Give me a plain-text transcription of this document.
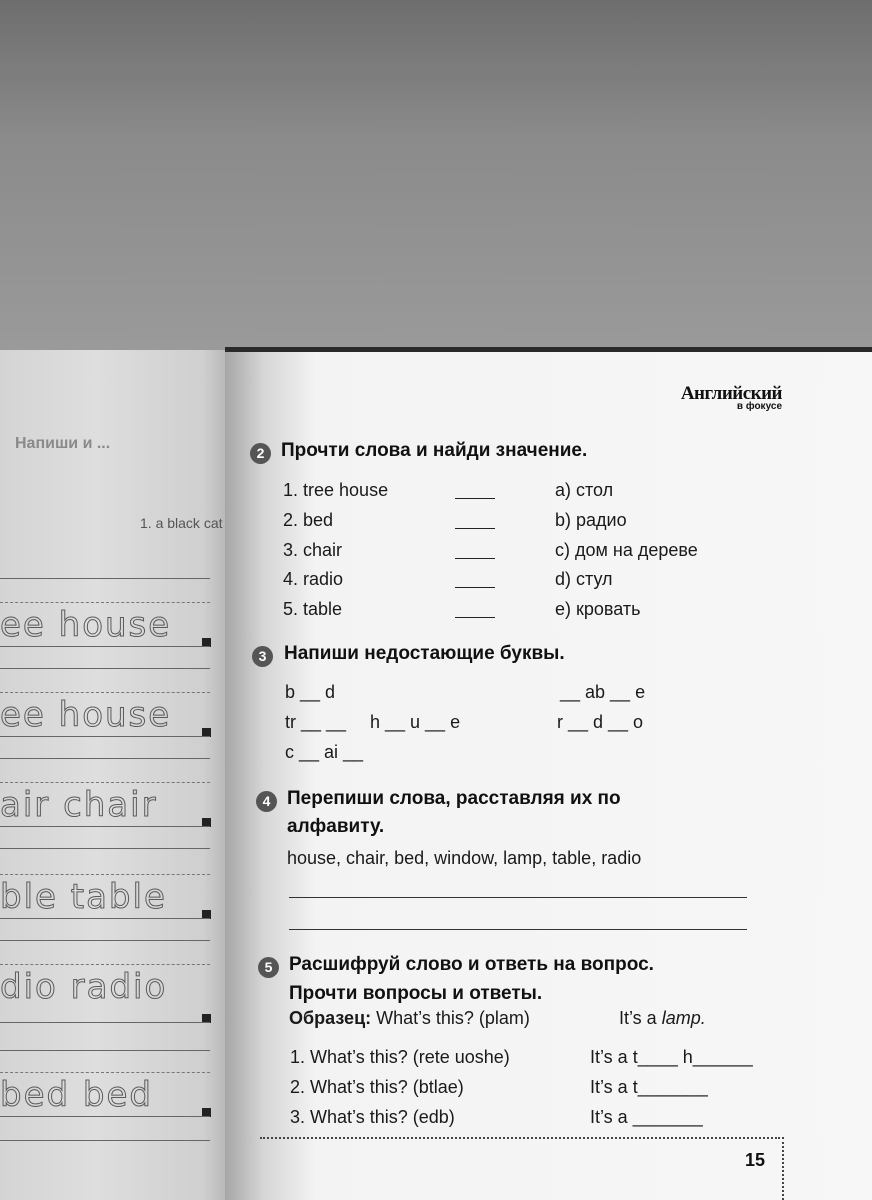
Напиши и ...
1. a black cat
ee house
ee house
air chair
ble table
dio radio
bed bed
Английский
в фокусе
2 Прочти слова и найди значение.
1. tree house
2. bed
3. chair
4. radio
5. table
a) стол
b) радио
c) дом на дереве
d) стул
e) кровать
3 Напиши недостающие буквы.
b __ d
tr __ __
c __ ai __
h __ u __ e
__ ab __ e
r __ d __ o
4 Перепиши слова, расставляя их по
алфавиту.
house, chair, bed, window, lamp, table, radio
5 Расшифруй слово и ответь на вопрос.
Прочти вопросы и ответы.
Образец: What’s this? (plam)	It’s a lamp.
1. What’s this? (rete uoshe)
2. What’s this? (btlae)
3. What’s this? (edb)
It’s a t____ h______
It’s a t_______
It’s a _______
15
